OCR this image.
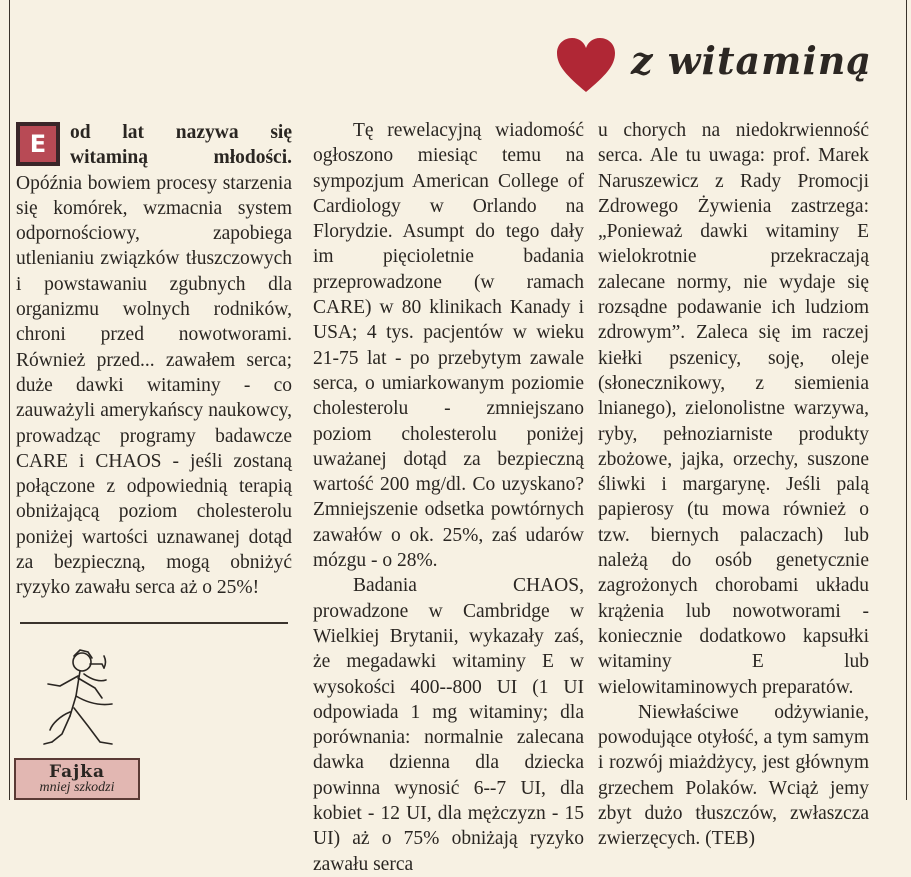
z witaminą

E	od lat nazywa się witaminą młodości. Opóźnia bowiem procesy starzenia się komórek, wzmacnia system odpornościowy, zapobiega utlenianiu związków tłuszczowych i powstawaniu zgubnych dla organizmu wolnych rodników, chroni przed nowotworami. Również przed... zawałem serca; duże dawki witaminy - co zauważyli amerykańscy naukowcy, prowadząc programy badawcze CARE i CHAOS - jeśli zostaną połączone z odpowiednią terapią obniżającą poziom cholesterolu poniżej wartości uznawanej dotąd za bezpieczną, mogą obniżyć ryzyko zawału serca aż o 25%!

Fajka
mniej szkodzi

Tę rewelacyjną wiadomość ogłoszono miesiąc temu na sympozjum American College of Cardiology w Orlando na Florydzie. Asumpt do tego dały im pięcioletnie badania przeprowadzone (w ramach CARE) w 80 klinikach Kanady i USA; 4 tys. pacjentów w wieku 21-75 lat - po przebytym zawale serca, o umiarkowanym poziomie cholesterolu - zmniejszano poziom cholesterolu poniżej uważanej dotąd za bezpieczną wartość 200 mg/dl. Co uzyskano? Zmniejszenie odsetka powtórnych zawałów o ok. 25%, zaś udarów mózgu - o 28%.

Badania CHAOS, prowadzone w Cambridge w Wielkiej Brytanii, wykazały zaś, że megadawki witaminy E w wysokości 400--800 UI (1 UI odpowiada 1 mg witaminy; dla porównania: normalnie zalecana dawka dzienna dla dziecka powinna wynosić 6--7 UI, dla kobiet - 12 UI, dla mężczyzn - 15 UI) aż o 75% obniżają ryzyko zawału serca

u chorych na niedokrwienność serca. Ale tu uwaga: prof. Marek Naruszewicz z Rady Promocji Zdrowego Żywienia zastrzega: „Ponieważ dawki witaminy E wielokrotnie przekraczają zalecane normy, nie wydaje się rozsądne podawanie ich ludziom zdrowym”. Zaleca się im raczej kiełki pszenicy, soję, oleje (słonecznikowy, z siemienia lnianego), zielonolistne warzywa, ryby, pełnoziarniste produkty zbożowe, jajka, orzechy, suszone śliwki i margarynę. Jeśli palą papierosy (tu mowa również o tzw. biernych palaczach) lub należą do osób genetycznie zagrożonych chorobami układu krążenia lub nowotworami - koniecznie dodatkowo kapsułki witaminy E lub wielowitaminowych preparatów.

Niewłaściwe odżywianie, powodujące otyłość, a tym samym i rozwój miażdżycy, jest głównym grzechem Polaków. Wciąż jemy zbyt dużo tłuszczów, zwłaszcza zwierzęcych. (TEB)
